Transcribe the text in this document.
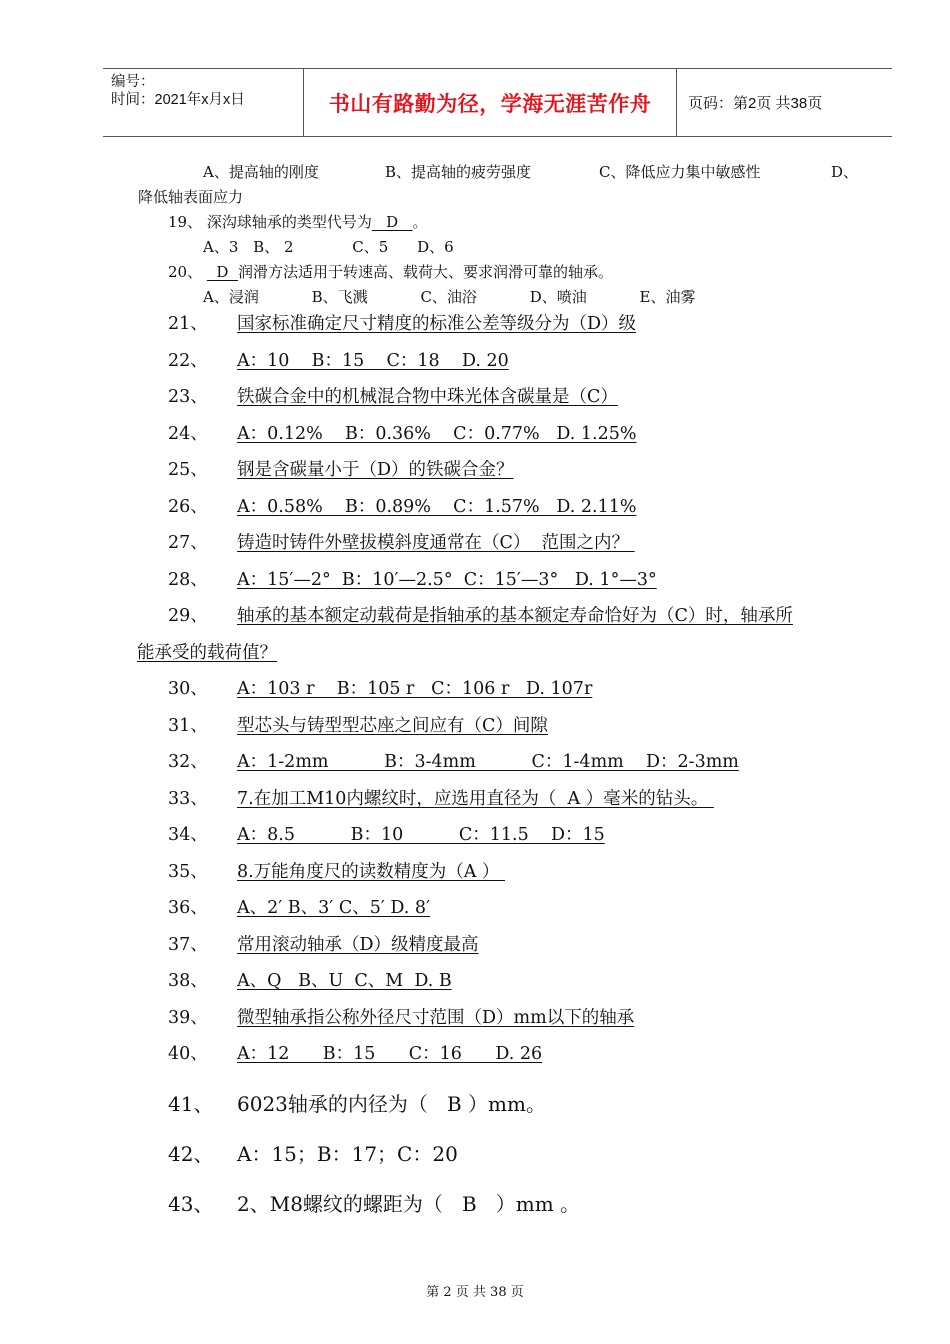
编号：
时间：2021年x月x日	书山有路勤为径，学海无涯苦作舟	页码：第2页 共38页
A、提高轴的刚度	B、提高轴的疲劳强度	C、降低应力集中敏感性	D、
降低轴表面应力
19、 深沟球轴承的类型代号为   D   。
A、3 B、 2	C、5 D、6
20、   D  润滑方法适用于转速高、载荷大、要求润滑可靠的轴承。
A、浸润	B、飞溅	C、油浴	D、喷油	E、油雾
21、 国家标准确定尺寸精度的标准公差等级分为（D）级
22、 A：10    B：15    C：18    D. 20
23、 铁碳合金中的机械混合物中珠光体含碳量是（C）
24、 A：0.12%    B：0.36%    C：0.77%   D. 1.25%
25、 钢是含碳量小于（D）的铁碳合金？
26、 A：0.58%    B：0.89%    C：1.57%   D. 2.11%
27、 铸造时铸件外壁拔模斜度通常在（C）  范围之内？
28、 A：15′—2°  B：10′—2.5°  C：15′—3°   D. 1°—3°
29、 轴承的基本额定动载荷是指轴承的基本额定寿命恰好为（C）时，轴承所
能承受的载荷值？
30、 A：103 r    B：105 r   C：106 r   D. 107r
31、 型芯头与铸型型芯座之间应有（C）间隙
32、 A：1-2mm          B：3-4mm          C：1-4mm    D：2-3mm
33、 7.在加工M10内螺纹时，应选用直径为（  A ）毫米的钻头。
34、 A：8.5          B：10          C：11.5    D：15
35、 8.万能角度尺的读数精度为（A ）
36、 A、2′ B、3′ C、5′ D. 8′
37、 常用滚动轴承（D）级精度最高
38、 A、Q   B、U  C、M  D. B
39、 微型轴承指公称外径尺寸范围（D）mm以下的轴承
40、 A：12      B：15      C：16      D. 26
41、 6023轴承的内径为（   B ）mm。
42、 A：15；B：17；C：20
43、 2、M8螺纹的螺距为（   B   ）mm 。
第 2 页 共 38 页
